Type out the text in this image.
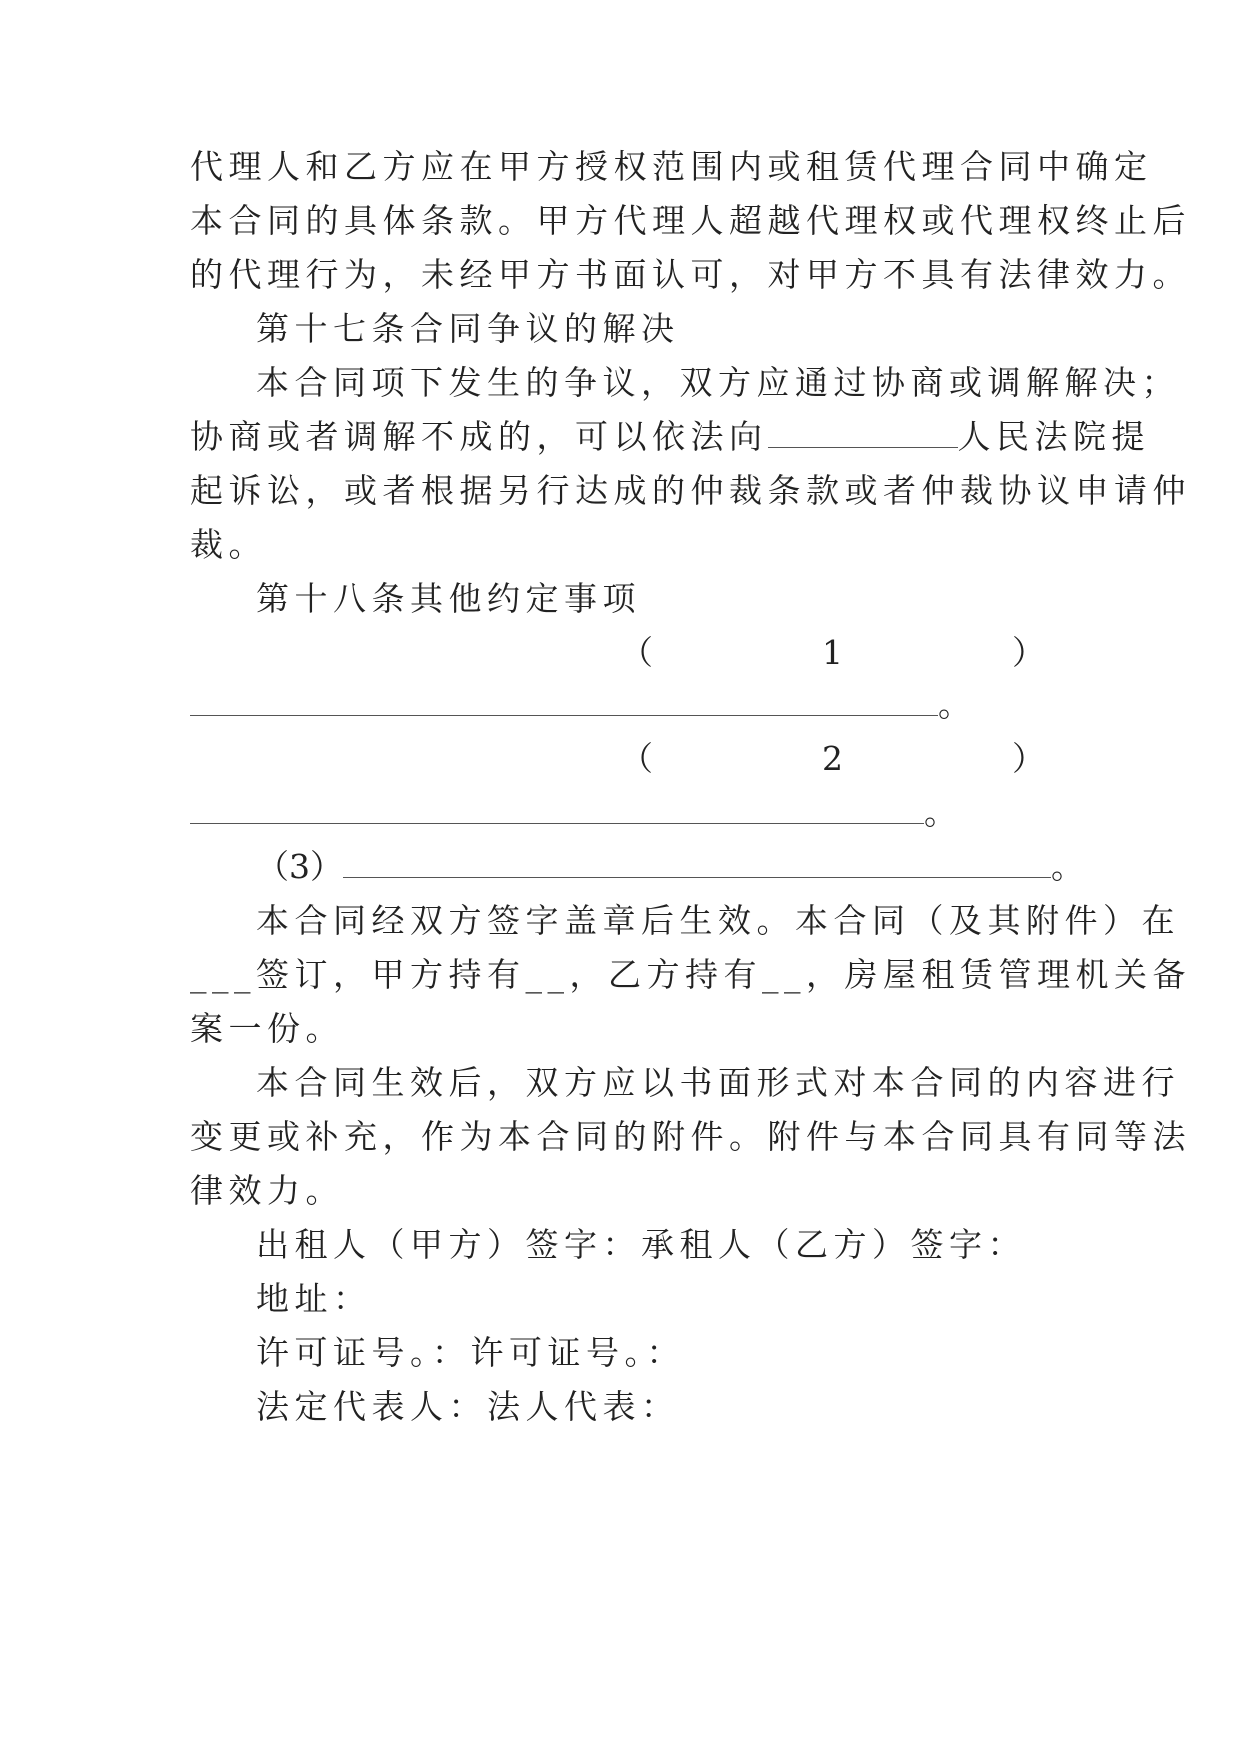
代理人和乙方应在甲方授权范围内或租赁代理合同中确定
本合同的具体条款。甲方代理人超越代理权或代理权终止后
的代理行为，未经甲方书面认可，对甲方不具有法律效力。
第十七条合同争议的解决
本合同项下发生的争议，双方应通过协商或调解解决；
协商或者调解不成的，可以依法向	人民法院提
起诉讼，或者根据另行达成的仲裁条款或者仲裁协议申请仲
裁。
第十八条其他约定事项
（	1	）
。
（	2	）
。
（3）	。
本合同经双方签字盖章后生效。本合同（及其附件）在
___签订，甲方持有__，乙方持有__，房屋租赁管理机关备
案一份。
本合同生效后，双方应以书面形式对本合同的内容进行
变更或补充，作为本合同的附件。附件与本合同具有同等法
律效力。
出租人（甲方）签字：承租人（乙方）签字：
地址：
许可证号。：许可证号。：
法定代表人：法人代表：
